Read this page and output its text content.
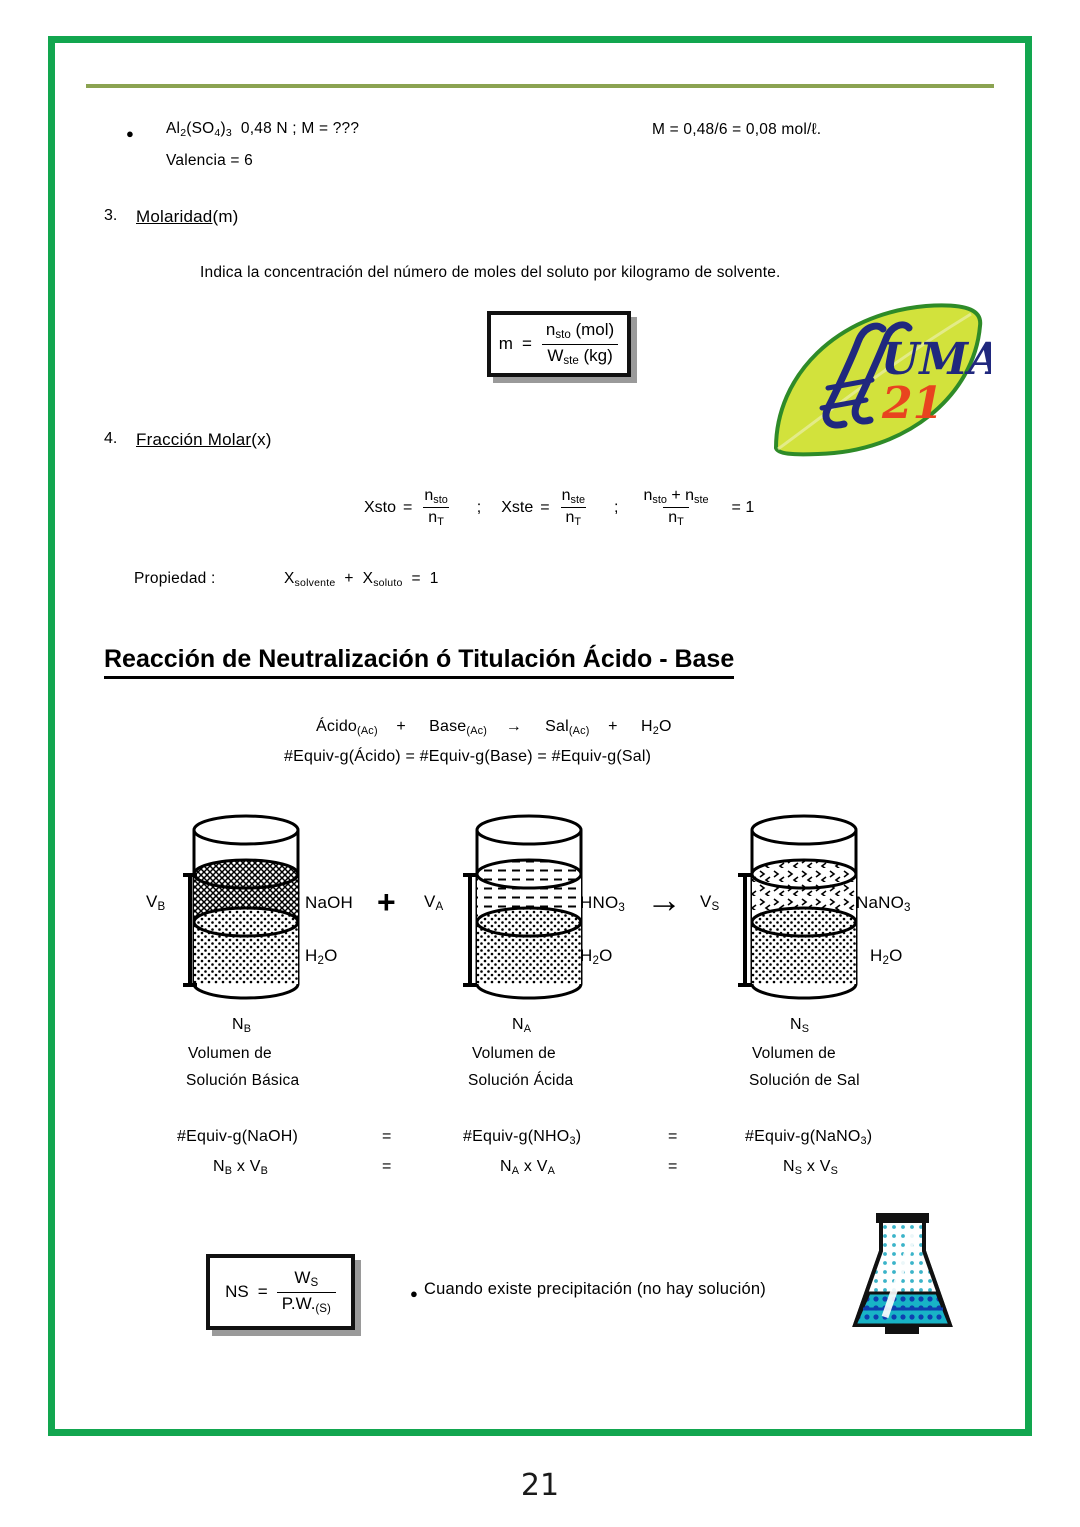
● $Al_2(SO_4)_3$  0,48 N ; M = ???
Valencia = 6
M = 0,48/6 = 0,08 mol/ℓ.
3. Molaridad(m)
Indica la concentración del número de moles del soluto por kilogramo de solvente.
$m = \frac{n_{sto} (mol)}{W_{ste} (kg)}$	UMA
21
4. Fracción Molar(x)
Xsto = $\frac{n_{sto}}{n_T}$ ; Xste = $\frac{n_{ste}}{n_T}$ ; $\frac{n_{sto} + n_{ste}}{n_T} = 1$
Propiedad :	$X_{solvente} + X_{soluto} = 1$
Reacción de Neutralización ó Titulación Ácido - Base
Ácido$_{(Ac)}$    +     Base$_{(Ac)}$    →     Sal$_{(Ac)}$    +     $H_2O$
#Equiv-g(Ácido) = #Equiv-g(Base) = #Equiv-g(Sal)
$V_B$	NaOH
$H_2O$
+ $V_A$	$HNO_3$
$H_2O$
→ $V_S$	NaNO$_3$
$H_2O$
$N_B$
Volumen de
Solución Básica
$N_A$
Volumen de
Solución Ácida
$N_S$
Volumen de
Solución de Sal
#Equiv-g(NaOH)	=	$\#Equiv-g(NHO_3)$	=	#Equiv-g(NaNO$_3$)
$N_B$ x $V_B$	=	$N_A$ x $V_A$	=	$N_S$ x $V_S$
NS = $\frac{W_S}{P.W._{(S)}}$	● Cuando existe precipitación (no hay solución)
21
